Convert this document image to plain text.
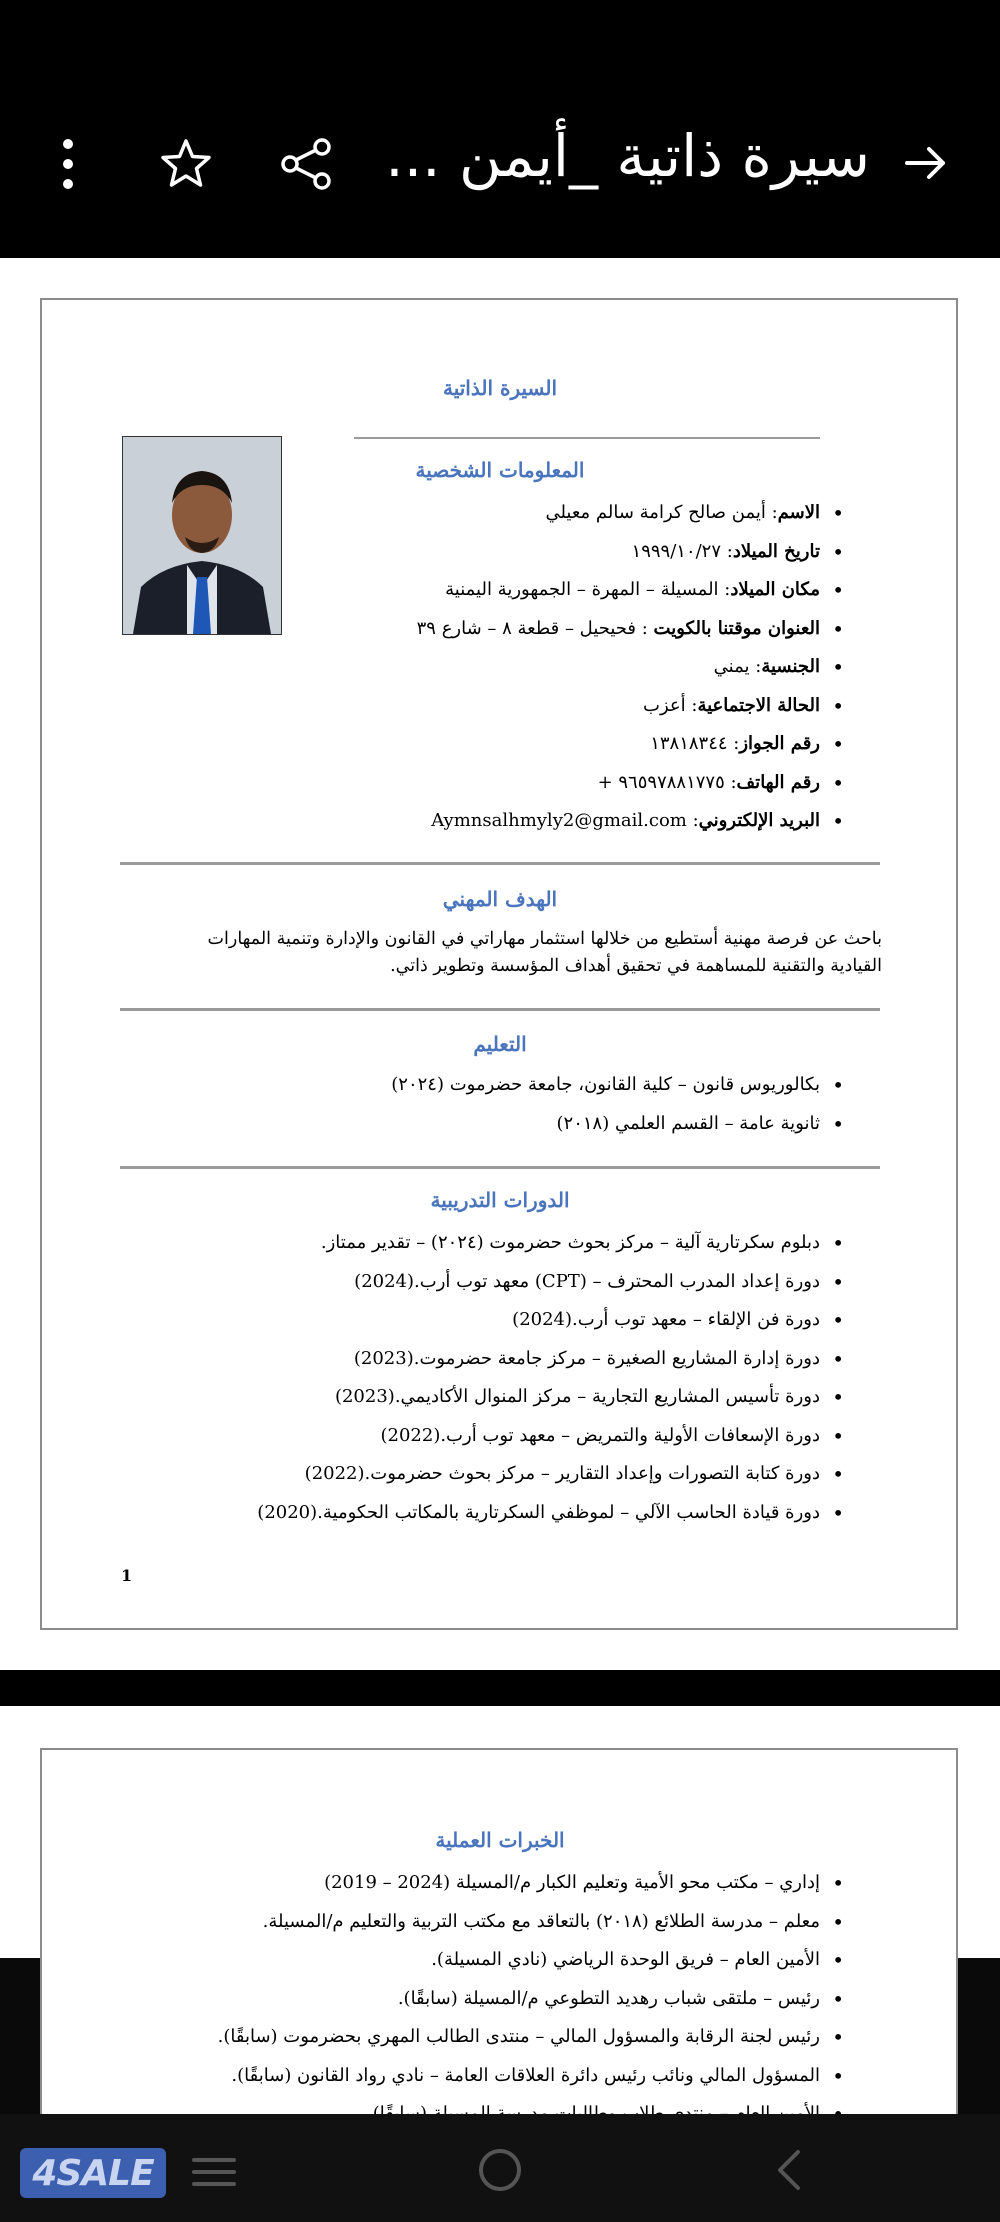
سيرة ذاتية _أيمن ...
السيرة الذاتية
المعلومات الشخصية
• الاسم: أيمن صالح كرامة سالم معيلي
• تاريخ الميلاد: ١٩٩٩/١٠/٢٧
• مكان الميلاد: المسيلة – المهرة – الجمهورية اليمنية
• العنوان موقتنا بالكويت : فحيحيل – قطعة ٨ – شارع ٣٩
• الجنسية: يمني
• الحالة الاجتماعية: أعزب
• رقم الجواز: ١٣٨١٨٣٤٤
• رقم الهاتف: ٩٦٥٩٧٨٨١٧٧٥ +
• البريد الإلكتروني: Aymnsalhmyly2@gmail.com
الهدف المهني
باحث عن فرصة مهنية أستطيع من خلالها استثمار مهاراتي في القانون والإدارة وتنمية المهارات القيادية والتقنية للمساهمة في تحقيق أهداف المؤسسة وتطوير ذاتي.
التعليم
• بكالوريوس قانون – كلية القانون، جامعة حضرموت (٢٠٢٤)
• ثانوية عامة – القسم العلمي (٢٠١٨)
الدورات التدريبية
• دبلوم سكرتارية آلية – مركز بحوث حضرموت (٢٠٢٤) – تقدير ممتاز.
• دورة إعداد المدرب المحترف – (CPT) معهد توب أرب.(2024)
• دورة فن الإلقاء – معهد توب أرب.(2024)
• دورة إدارة المشاريع الصغيرة – مركز جامعة حضرموت.(2023)
• دورة تأسيس المشاريع التجارية – مركز المنوال الأكاديمي.(2023)
• دورة الإسعافات الأولية والتمريض – معهد توب أرب.(2022)
• دورة كتابة التصورات وإعداد التقارير – مركز بحوث حضرموت.(2022)
• دورة قيادة الحاسب الآلي – لموظفي السكرتارية بالمكاتب الحكومية.(2020)
1
الخبرات العملية
• إداري – مكتب محو الأمية وتعليم الكبار م/المسيلة (2024 – 2019)
• معلم – مدرسة الطلائع (٢٠١٨) بالتعاقد مع مكتب التربية والتعليم م/المسيلة.
• الأمين العام – فريق الوحدة الرياضي (نادي المسيلة).
• رئيس – ملتقى شباب رهديد التطوعي م/المسيلة (سابقًا).
• رئيس لجنة الرقابة والمسؤول المالي – منتدى الطالب المهري بحضرموت (سابقًا).
• المسؤول المالي ونائب رئيس دائرة العلاقات العامة – نادي رواد القانون (سابقًا).
•
4SALE
